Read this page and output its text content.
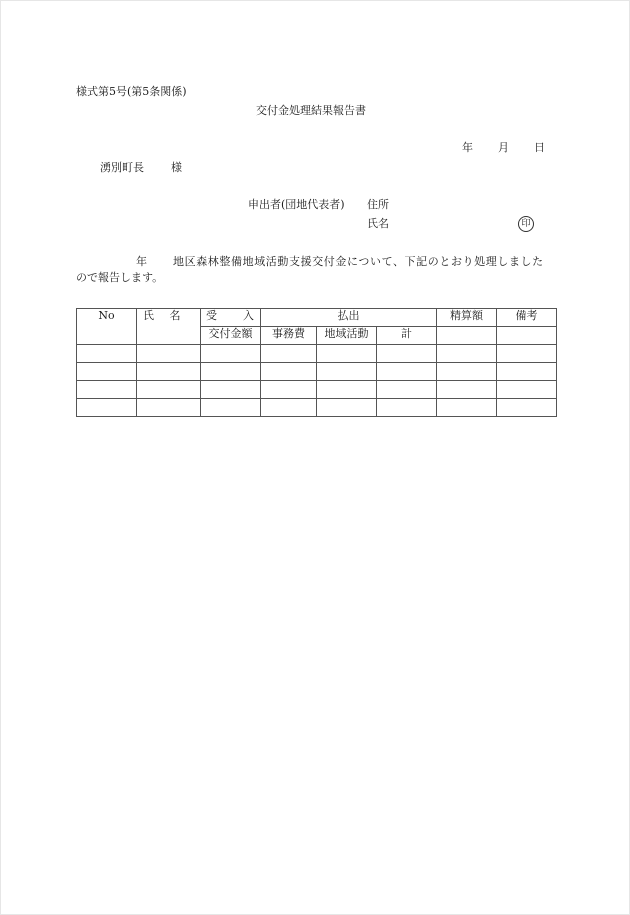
様式第5号(第5条関係)
交付金処理結果報告書
年 月 日
湧別町長 様
申出者(団地代表者) 住所
氏名	印
年 地区森林整備地域活動支援交付金について、下記のとおり処理しました
ので報告します。
No	氏 名	受 入	払出			精算額	備考
		交付金額	事務費	地域活動	計		
